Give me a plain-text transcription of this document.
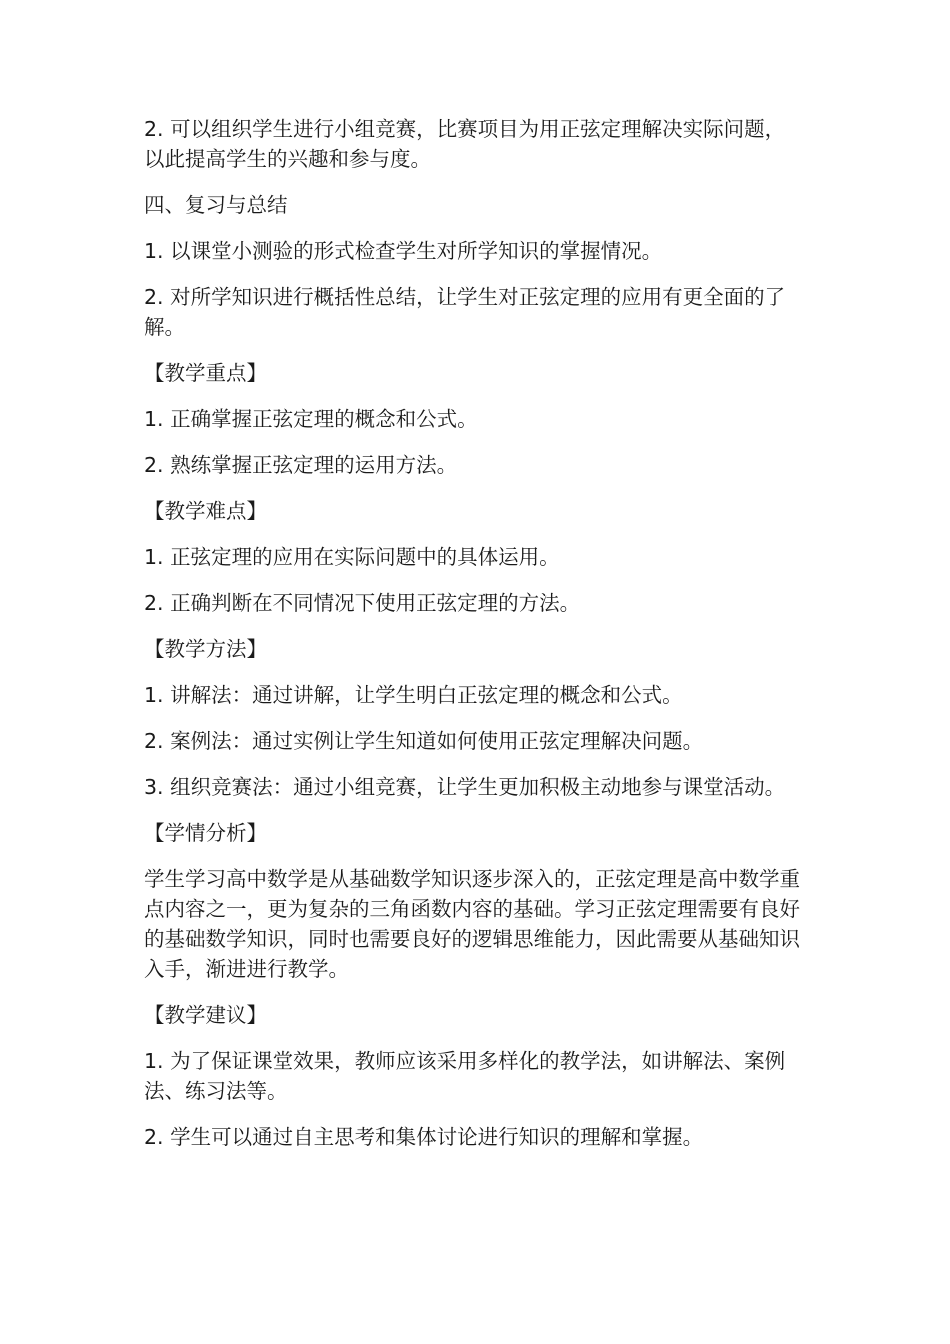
2. 可以组织学生进行小组竞赛，比赛项目为用正弦定理解决实际问题，以此提高学生的兴趣和参与度。

四、复习与总结

1. 以课堂小测验的形式检查学生对所学知识的掌握情况。

2. 对所学知识进行概括性总结，让学生对正弦定理的应用有更全面的了解。

【教学重点】

1. 正确掌握正弦定理的概念和公式。

2. 熟练掌握正弦定理的运用方法。

【教学难点】

1. 正弦定理的应用在实际问题中的具体运用。

2. 正确判断在不同情况下使用正弦定理的方法。

【教学方法】

1. 讲解法：通过讲解，让学生明白正弦定理的概念和公式。

2. 案例法：通过实例让学生知道如何使用正弦定理解决问题。

3. 组织竞赛法：通过小组竞赛，让学生更加积极主动地参与课堂活动。

【学情分析】

学生学习高中数学是从基础数学知识逐步深入的，正弦定理是高中数学重点内容之一，更为复杂的三角函数内容的基础。学习正弦定理需要有良好的基础数学知识，同时也需要良好的逻辑思维能力，因此需要从基础知识入手，渐进进行教学。

【教学建议】

1. 为了保证课堂效果，教师应该采用多样化的教学法，如讲解法、案例法、练习法等。

2. 学生可以通过自主思考和集体讨论进行知识的理解和掌握。
